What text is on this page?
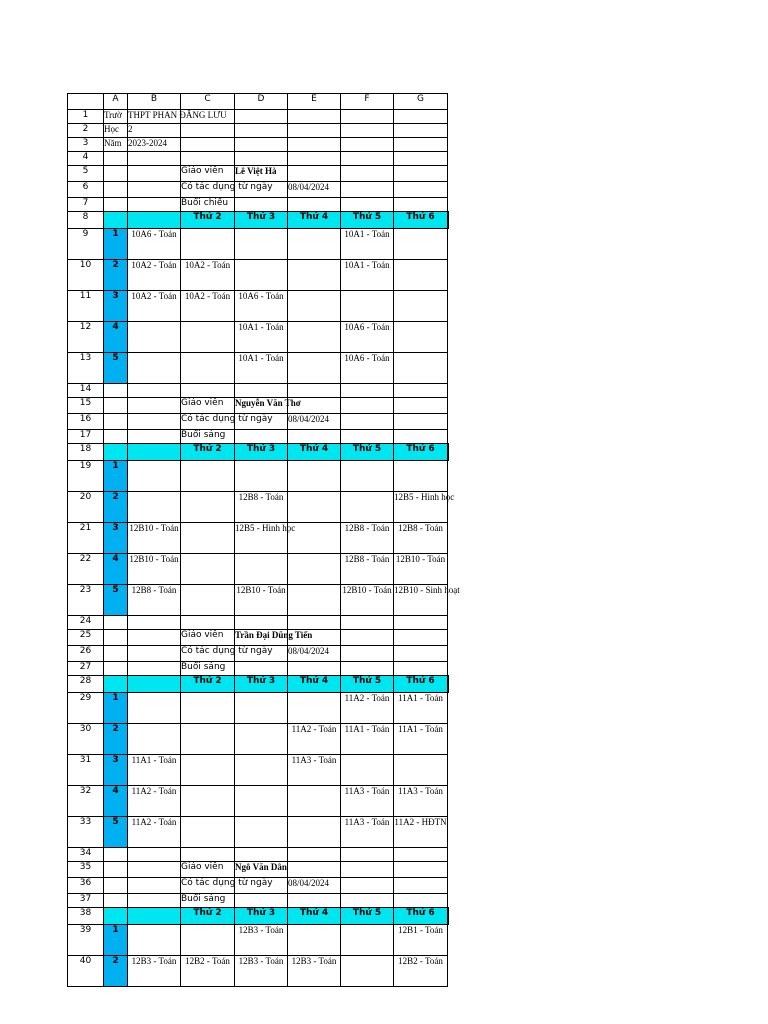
	A	B	C	D	E	F	G	
1	Trườ	THPT PHAN ĐĂNG LƯU						
2	Học	2						
3	Năm	2023-2024						
4								
5			Giáo viên	Lê Việt Hà				
6			Có tác dụng từ ngày		08/04/2024			
7			Buổi chiều					
8			Thứ 2	Thứ 3	Thứ 4	Thứ 5	Thứ 6	
9	1	10A6 - Toán				10A1 - Toán		
10	2	10A2 - Toán	10A2 - Toán			10A1 - Toán		
11	3	10A2 - Toán	10A2 - Toán	10A6 - Toán				
12	4			10A1 - Toán		10A6 - Toán		
13	5			10A1 - Toán		10A6 - Toán		
14								
15			Giáo viên	Nguyễn Văn Thơ				
16			Có tác dụng từ ngày		08/04/2024			
17			Buổi sáng					
18			Thứ 2	Thứ 3	Thứ 4	Thứ 5	Thứ 6	
19	1							
20	2			12B8 - Toán			12B5 - Hình học	
21	3	12B10 - Toán		12B5 - Hình học		12B8 - Toán	12B8 - Toán	
22	4	12B10 - Toán				12B8 - Toán	12B10 - Toán	
23	5	12B8 - Toán		12B10 - Toán		12B10 - Toán	12B10 - Sinh hoạt	
24								
25			Giáo viên	Trần Đại Dũng Tiến				
26			Có tác dụng từ ngày		08/04/2024			
27			Buổi sáng					
28			Thứ 2	Thứ 3	Thứ 4	Thứ 5	Thứ 6	
29	1					11A2 - Toán	11A1 - Toán	
30	2				11A2 - Toán	11A1 - Toán	11A1 - Toán	
31	3	11A1 - Toán			11A3 - Toán			
32	4	11A2 - Toán				11A3 - Toán	11A3 - Toán	
33	5	11A2 - Toán				11A3 - Toán	11A2 - HĐTN	
34								
35			Giáo viên	Ngô Văn Dân				
36			Có tác dụng từ ngày		08/04/2024			
37			Buổi sáng					
38			Thứ 2	Thứ 3	Thứ 4	Thứ 5	Thứ 6	
39	1			12B3 - Toán			12B1 - Toán	
40	2	12B3 - Toán	12B2 - Toán	12B3 - Toán	12B3 - Toán		12B2 - Toán	
